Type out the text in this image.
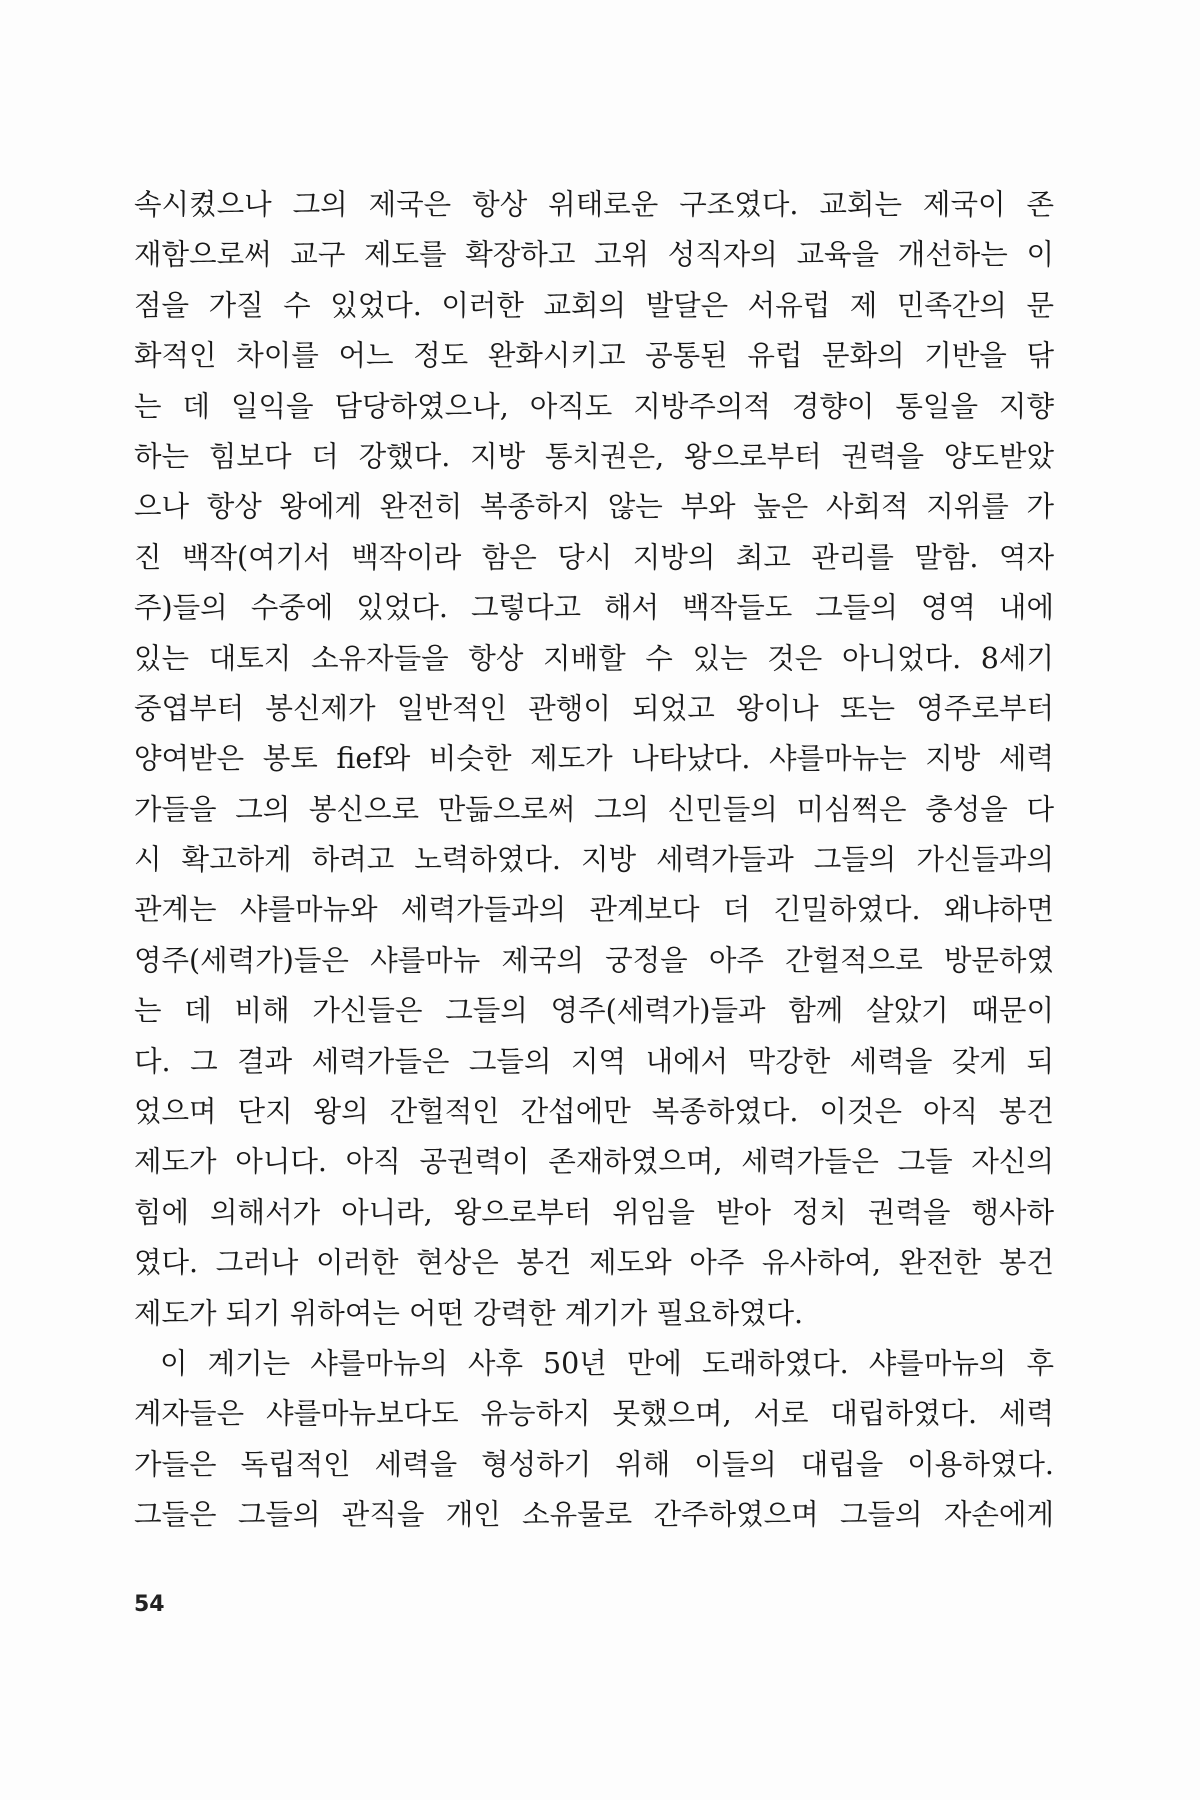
속시켰으나 그의 제국은 항상 위태로운 구조였다. 교회는 제국이 존
재함으로써 교구 제도를 확장하고 고위 성직자의 교육을 개선하는 이
점을 가질 수 있었다. 이러한 교회의 발달은 서유럽 제 민족간의 문
화적인 차이를 어느 정도 완화시키고 공통된 유럽 문화의 기반을 닦
는 데 일익을 담당하였으나, 아직도 지방주의적 경향이 통일을 지향
하는 힘보다 더 강했다. 지방 통치권은, 왕으로부터 권력을 양도받았
으나 항상 왕에게 완전히 복종하지 않는 부와 높은 사회적 지위를 가
진 백작(여기서 백작이라 함은 당시 지방의 최고 관리를 말함. 역자
주)들의 수중에 있었다. 그렇다고 해서 백작들도 그들의 영역 내에
있는 대토지 소유자들을 항상 지배할 수 있는 것은 아니었다. 8세기
중엽부터 봉신제가 일반적인 관행이 되었고 왕이나 또는 영주로부터
양여받은 봉토 fief와 비슷한 제도가 나타났다. 샤를마뉴는 지방 세력
가들을 그의 봉신으로 만듦으로써 그의 신민들의 미심쩍은 충성을 다
시 확고하게 하려고 노력하였다. 지방 세력가들과 그들의 가신들과의
관계는 샤를마뉴와 세력가들과의 관계보다 더 긴밀하였다. 왜냐하면
영주(세력가)들은 샤를마뉴 제국의 궁정을 아주 간헐적으로 방문하였
는 데 비해 가신들은 그들의 영주(세력가)들과 함께 살았기 때문이
다. 그 결과 세력가들은 그들의 지역 내에서 막강한 세력을 갖게 되
었으며 단지 왕의 간헐적인 간섭에만 복종하였다. 이것은 아직 봉건
제도가 아니다. 아직 공권력이 존재하였으며, 세력가들은 그들 자신의
힘에 의해서가 아니라, 왕으로부터 위임을 받아 정치 권력을 행사하
였다. 그러나 이러한 현상은 봉건 제도와 아주 유사하여, 완전한 봉건
제도가 되기 위하여는 어떤 강력한 계기가 필요하였다.
이 계기는 샤를마뉴의 사후 50년 만에 도래하였다. 샤를마뉴의 후
계자들은 샤를마뉴보다도 유능하지 못했으며, 서로 대립하였다. 세력
가들은 독립적인 세력을 형성하기 위해 이들의 대립을 이용하였다.
그들은 그들의 관직을 개인 소유물로 간주하였으며 그들의 자손에게
54
